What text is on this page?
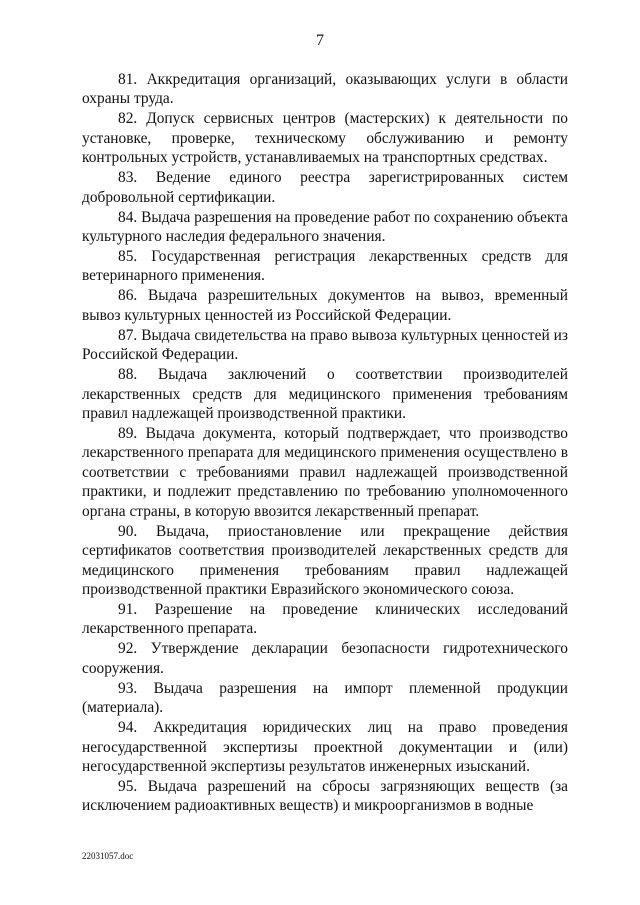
7

81. Аккредитация организаций, оказывающих услуги в области охраны труда.

82. Допуск сервисных центров (мастерских) к деятельности по установке, проверке, техническому обслуживанию и ремонту контрольных устройств, устанавливаемых на транспортных средствах.

83. Ведение единого реестра зарегистрированных систем добровольной сертификации.

84. Выдача разрешения на проведение работ по сохранению объекта культурного наследия федерального значения.

85. Государственная регистрация лекарственных средств для ветеринарного применения.

86. Выдача разрешительных документов на вывоз, временный вывоз культурных ценностей из Российской Федерации.

87. Выдача свидетельства на право вывоза культурных ценностей из Российской Федерации.

88. Выдача заключений о соответствии производителей лекарственных средств для медицинского применения требованиям правил надлежащей производственной практики.

89. Выдача документа, который подтверждает, что производство лекарственного препарата для медицинского применения осуществлено в соответствии с требованиями правил надлежащей производственной практики, и подлежит представлению по требованию уполномоченного органа страны, в которую ввозится лекарственный препарат.

90. Выдача, приостановление или прекращение действия сертификатов соответствия производителей лекарственных средств для медицинского применения требованиям правил надлежащей производственной практики Евразийского экономического союза.

91. Разрешение на проведение клинических исследований лекарственного препарата.

92. Утверждение декларации безопасности гидротехнического сооружения.

93. Выдача разрешения на импорт племенной продукции (материала).

94. Аккредитация юридических лиц на право проведения негосударственной экспертизы проектной документации и (или) негосударственной экспертизы результатов инженерных изысканий.

95. Выдача разрешений на сбросы загрязняющих веществ (за исключением радиоактивных веществ) и микроорганизмов в водные

22031057.doc
